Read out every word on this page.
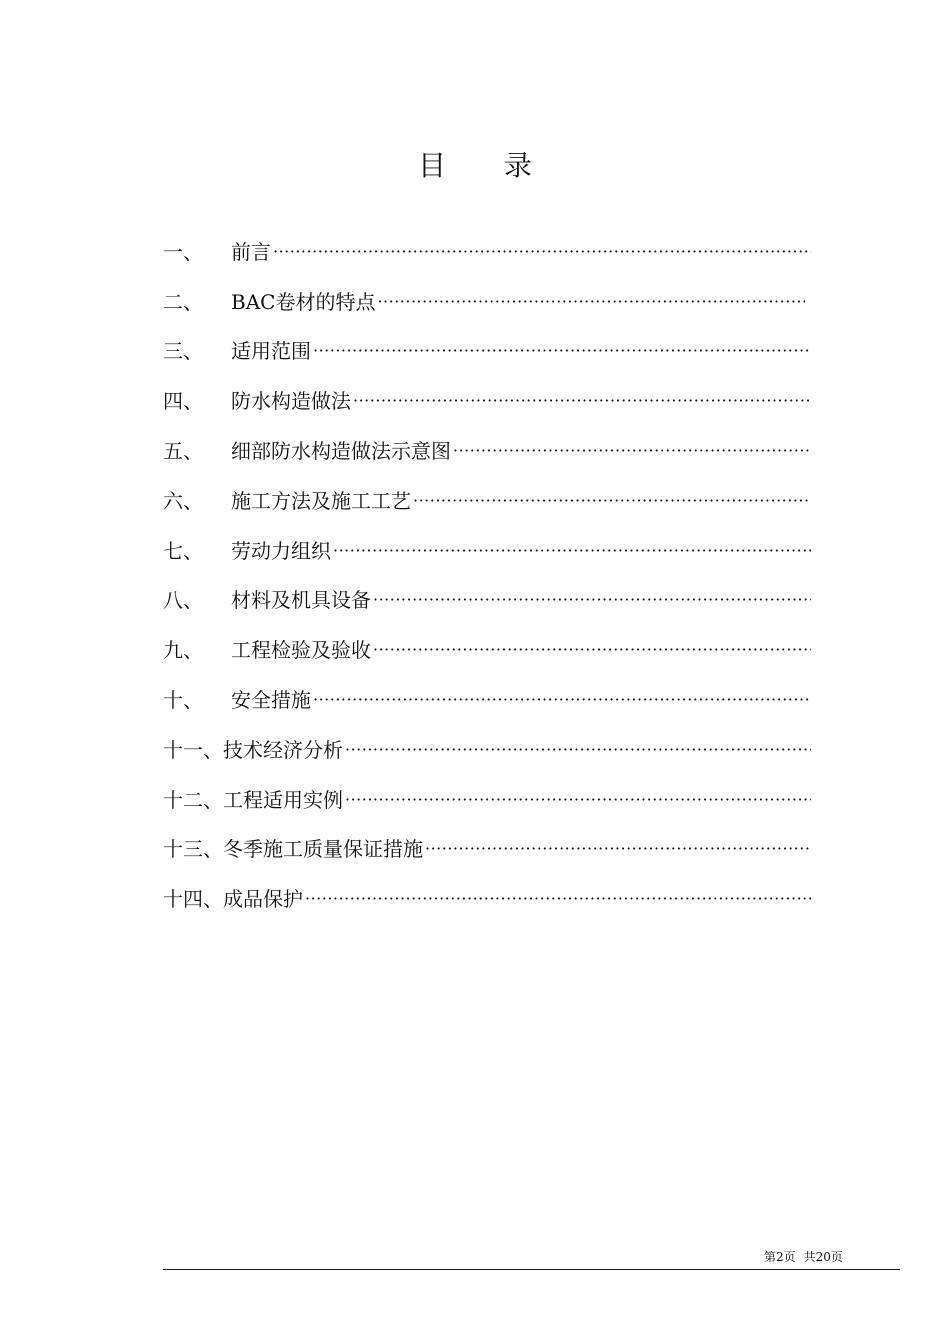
目 录
一、	前言
·····
二、	BAC卷材的特点
·····
三、	适用范围
·····
四、	防水构造做法
·····
五、	细部防水构造做法示意图
·····
六、	施工方法及施工工艺
·····
七、	劳动力组织
·····
八、	材料及机具设备
·····
九、	工程检验及验收
·····
十、	安全措施
·····
十一、 技术经济分析
·····
十二、 工程适用实例
·····
十三、 冬季施工质量保证措施
·····
十四、 成品保护
·····
第2页 共20页
